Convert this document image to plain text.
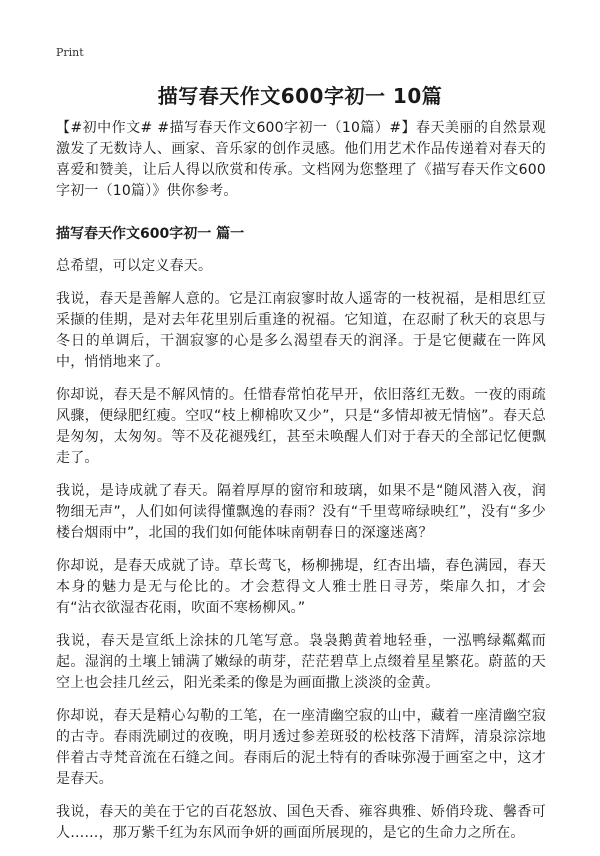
Print
描写春天作文600字初一 10篇

【#初中作文# #描写春天作文600字初一（10篇）#】春天美丽的自然景观激发了无数诗人、画家、音乐家的创作灵感。他们用艺术作品传递着对春天的喜爱和赞美，让后人得以欣赏和传承。文档网为您整理了《描写春天作文600字初一（10篇）》供你参考。

描写春天作文600字初一 篇一

总希望，可以定义春天。

我说，春天是善解人意的。它是江南寂寥时故人遥寄的一枝祝福，是相思红豆采撷的佳期，是对去年花里别后重逢的祝福。它知道，在忍耐了秋天的哀思与冬日的单调后，干涸寂寥的心是多么渴望春天的润泽。于是它便藏在一阵风中，悄悄地来了。

你却说，春天是不解风情的。任惜春常怕花早开，依旧落红无数。一夜的雨疏风骤，便绿肥红瘦。空叹“枝上柳棉吹又少”，只是“多情却被无情恼”。春天总是匆匆，太匆匆。等不及花褪残红，甚至未唤醒人们对于春天的全部记忆便飘走了。

我说，是诗成就了春天。隔着厚厚的窗帘和玻璃，如果不是“随风潜入夜，润物细无声”，人们如何读得懂飘逸的春雨？没有“千里莺啼绿映红”，没有“多少楼台烟雨中”，北国的我们如何能体味南朝春日的深邃迷离？

你却说，是春天成就了诗。草长莺飞，杨柳拂堤，红杏出墙，春色满园，春天本身的魅力是无与伦比的。才会惹得文人雅士胜日寻芳，柴扉久扣，才会有“沾衣欲湿杏花雨，吹面不寒杨柳风。”

我说，春天是宣纸上涂抹的几笔写意。袅袅鹅黄着地轻垂，一泓鸭绿粼粼而起。湿润的土壤上铺满了嫩绿的萌芽，茫茫碧草上点缀着星星繁花。蔚蓝的天空上也会挂几丝云，阳光柔柔的像是为画面撒上淡淡的金黄。

你却说，春天是精心勾勒的工笔，在一座清幽空寂的山中，藏着一座清幽空寂的古寺。春雨洗刷过的夜晚，明月透过参差斑驳的松枝落下清辉，清泉淙淙地伴着古寺梵音流在石缝之间。春雨后的泥土特有的香味弥漫于画室之中，这才是春天。

我说，春天的美在于它的百花怒放、国色天香、雍容典雅、娇俏玲珑、馨香可人……，那万紫千红为东风而争妍的画面所展现的，是它的生命力之所在。
